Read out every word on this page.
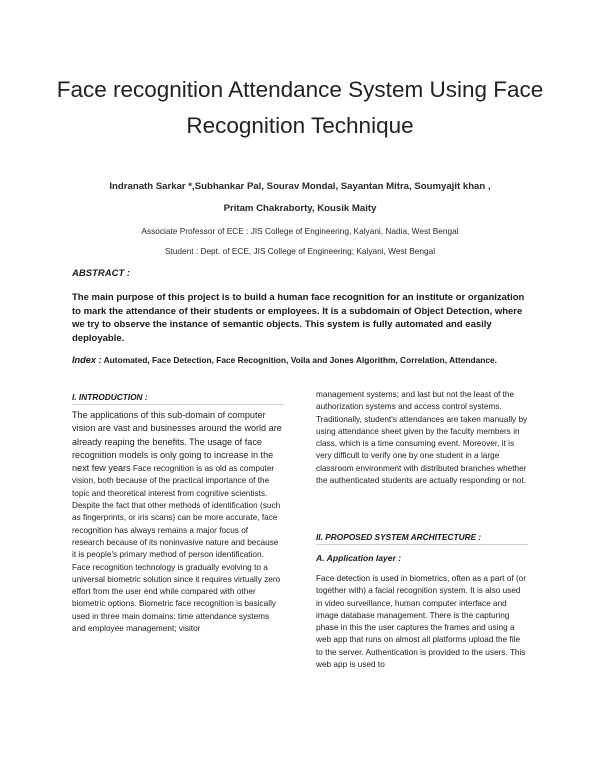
Face recognition Attendance System Using Face
Recognition Technique
Indranath Sarkar *,Subhankar Pal, Sourav Mondal, Sayantan Mitra, Soumyajit khan ,
Pritam Chakraborty, Kousik Maity
Associate Professor of ECE : JIS College of Engineering, Kalyani, Nadia, West Bengal
Student : Dept. of ECE, JIS College of Engineering; Kalyani, West Bengal
ABSTRACT :
The main purpose of this project is to build a human face recognition for an institute or organization to mark the attendance of their students or employees. It is a subdomain of Object Detection, where we try to observe the instance of semantic objects. This system is fully automated and easily deployable.
Index : Automated, Face Detection, Face Recognition, Voila and Jones Algorithm, Correlation, Attendance.
I. INTRODUCTION :

The applications of this sub-domain of computer vision are vast and businesses around the world are already reaping the benefits. The usage of face recognition models is only going to increase in the next few years Face recognition is as old as computer vision, both because of the practical importance of the topic and theoretical interest from cognitive scientists. Despite the fact that other methods of identification (such as fingerprints, or iris scans) can be more accurate, face recognition has always remains a major focus of research because of its noninvasive nature and because it is people's primary method of person identification. Face recognition technology is gradually evolving to a universal biometric solution since it requires virtually zero effort from the user end while compared with other biometric options. Biometric face recognition is basically used in three main domains: time attendance systems and employee management; visitor

management systems; and last but not the least of the authorization systems and access control systems. Traditionally, student's attendances are taken manually by using attendance sheet given by the faculty members in class, which is a time consuming event. Moreover, it is very difficult to verify one by one student in a large classroom environment with distributed branches whether the authenticated students are actually responding or not.

II. PROPOSED SYSTEM ARCHITECTURE :
A. Application layer :

Face detection is used in biometrics, often as a part of (or together with) a facial recognition system. It is also used in video surveillance, human computer interface and image database management. There is the capturing phase in this the user captures the frames and using a web app that runs on almost all platforms upload the file to the server. Authentication is provided to the users. This web app is used to
